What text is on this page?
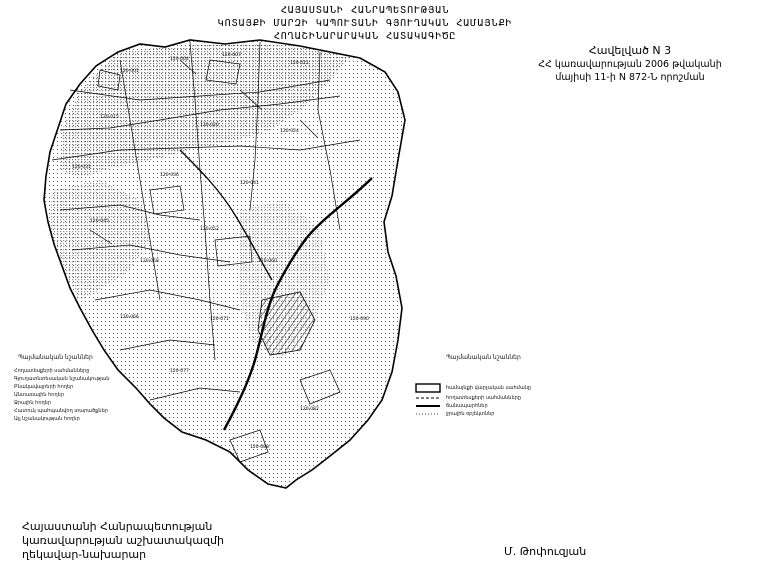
120-001
120-004
120-007
120-011
120-015
120-020
120-024
120-031
120-036
120-041
120-045
120-052
120-058	120-060
120-066	120-071
120-077
120-082
120-088
120-090
ՀԱՅԱՍՏԱՆԻ ՀԱՆՐԱՊԵՏՈՒԹՅԱՆ
ԿՈՏԱՅՔԻ ՄԱՐԶԻ ԿԱՊՈՒՏԱՆԻ ԳՅՈՒՂԱԿԱՆ ՀԱՄԱՅՆՔԻ
ՀՈՂԱՇԻՆԱՐԱՐԱԿԱՆ ՀԱՏԱԿԱԳԻԾԸ
Հավելված N 3
ՀՀ կառավարության 2006 թվականի
մայիսի 11-ի N 872-Ն որոշման
Պայմանական նշաններ
Հողատեսքերի սահմանները
Գյուղատնտեսական նշանակության
Բնակավայրերի հողեր
Անտառային հողեր
Ջրային հողեր
Հատուկ պահպանվող տարածքներ
Այլ նշանակության հողեր
Պայմանական նշաններ
համայնքի վարչական սահմանը
հողատեսքերի սահմանները
ճանապարհներ
ջրային օբյեկտներ
Հայաստանի Հանրապետության
կառավարության աշխատակազմի
ղեկավար-նախարար	Մ. Թոփուզյան
